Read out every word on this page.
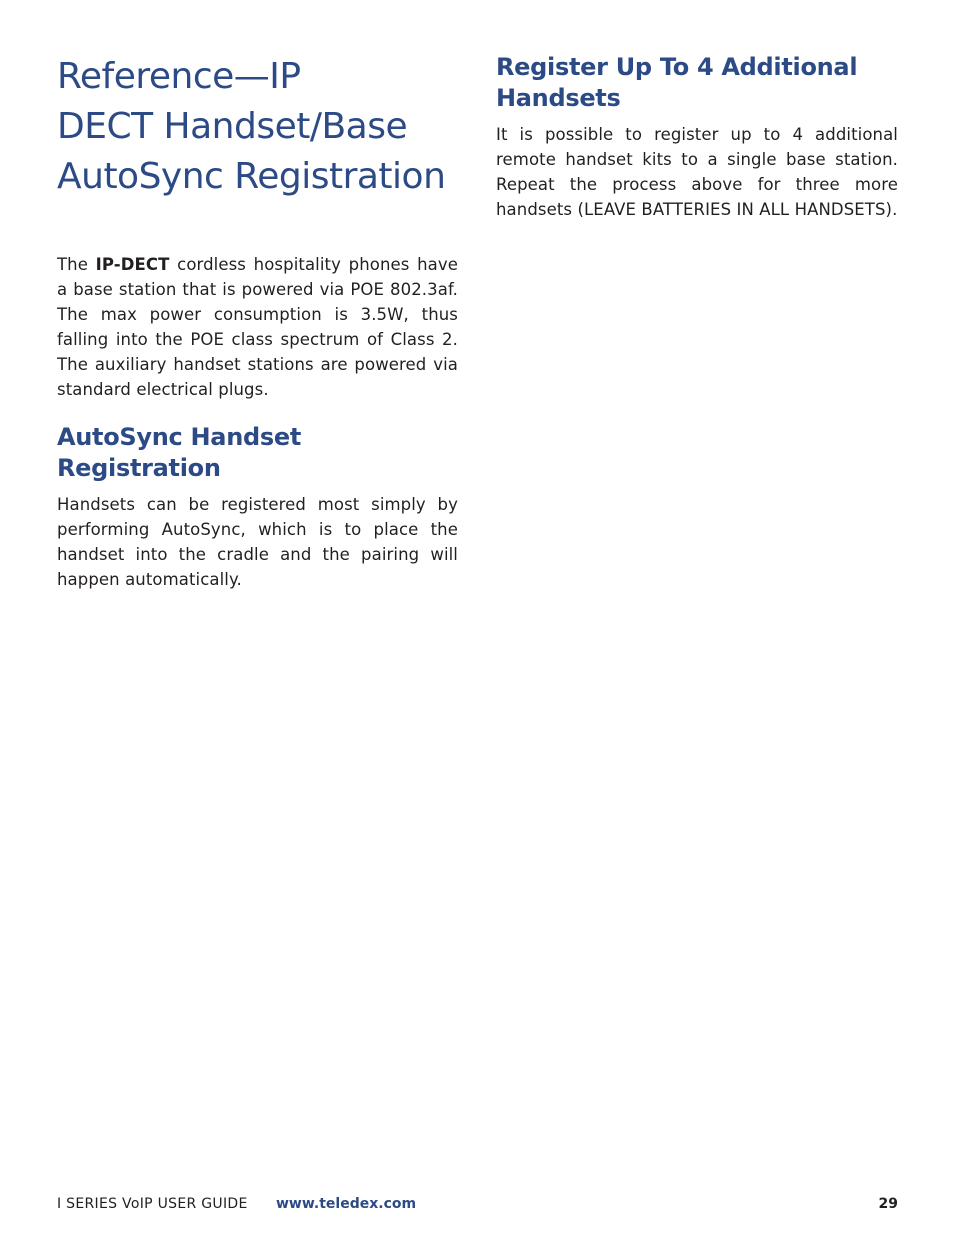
Reference—IP
DECT Handset/Base
AutoSync Registration

The IP-DECT cordless hospitality phones have a base station that is powered via POE 802.3af. The max power consumption is 3.5W, thus falling into the POE class spectrum of Class 2. The auxiliary handset stations are powered via standard electrical plugs.

AutoSync Handset Registration

Handsets can be registered most simply by performing AutoSync, which is to place the handset into the cradle and the pairing will happen automatically.

Register Up To 4 Additional
Handsets

It is possible to register up to 4 additional remote handset kits to a single base station. Repeat the process above for three more handsets (LEAVE BATTERIES IN ALL HANDSETS).

I SERIES VoIP USER GUIDE www.teledex.com	29
